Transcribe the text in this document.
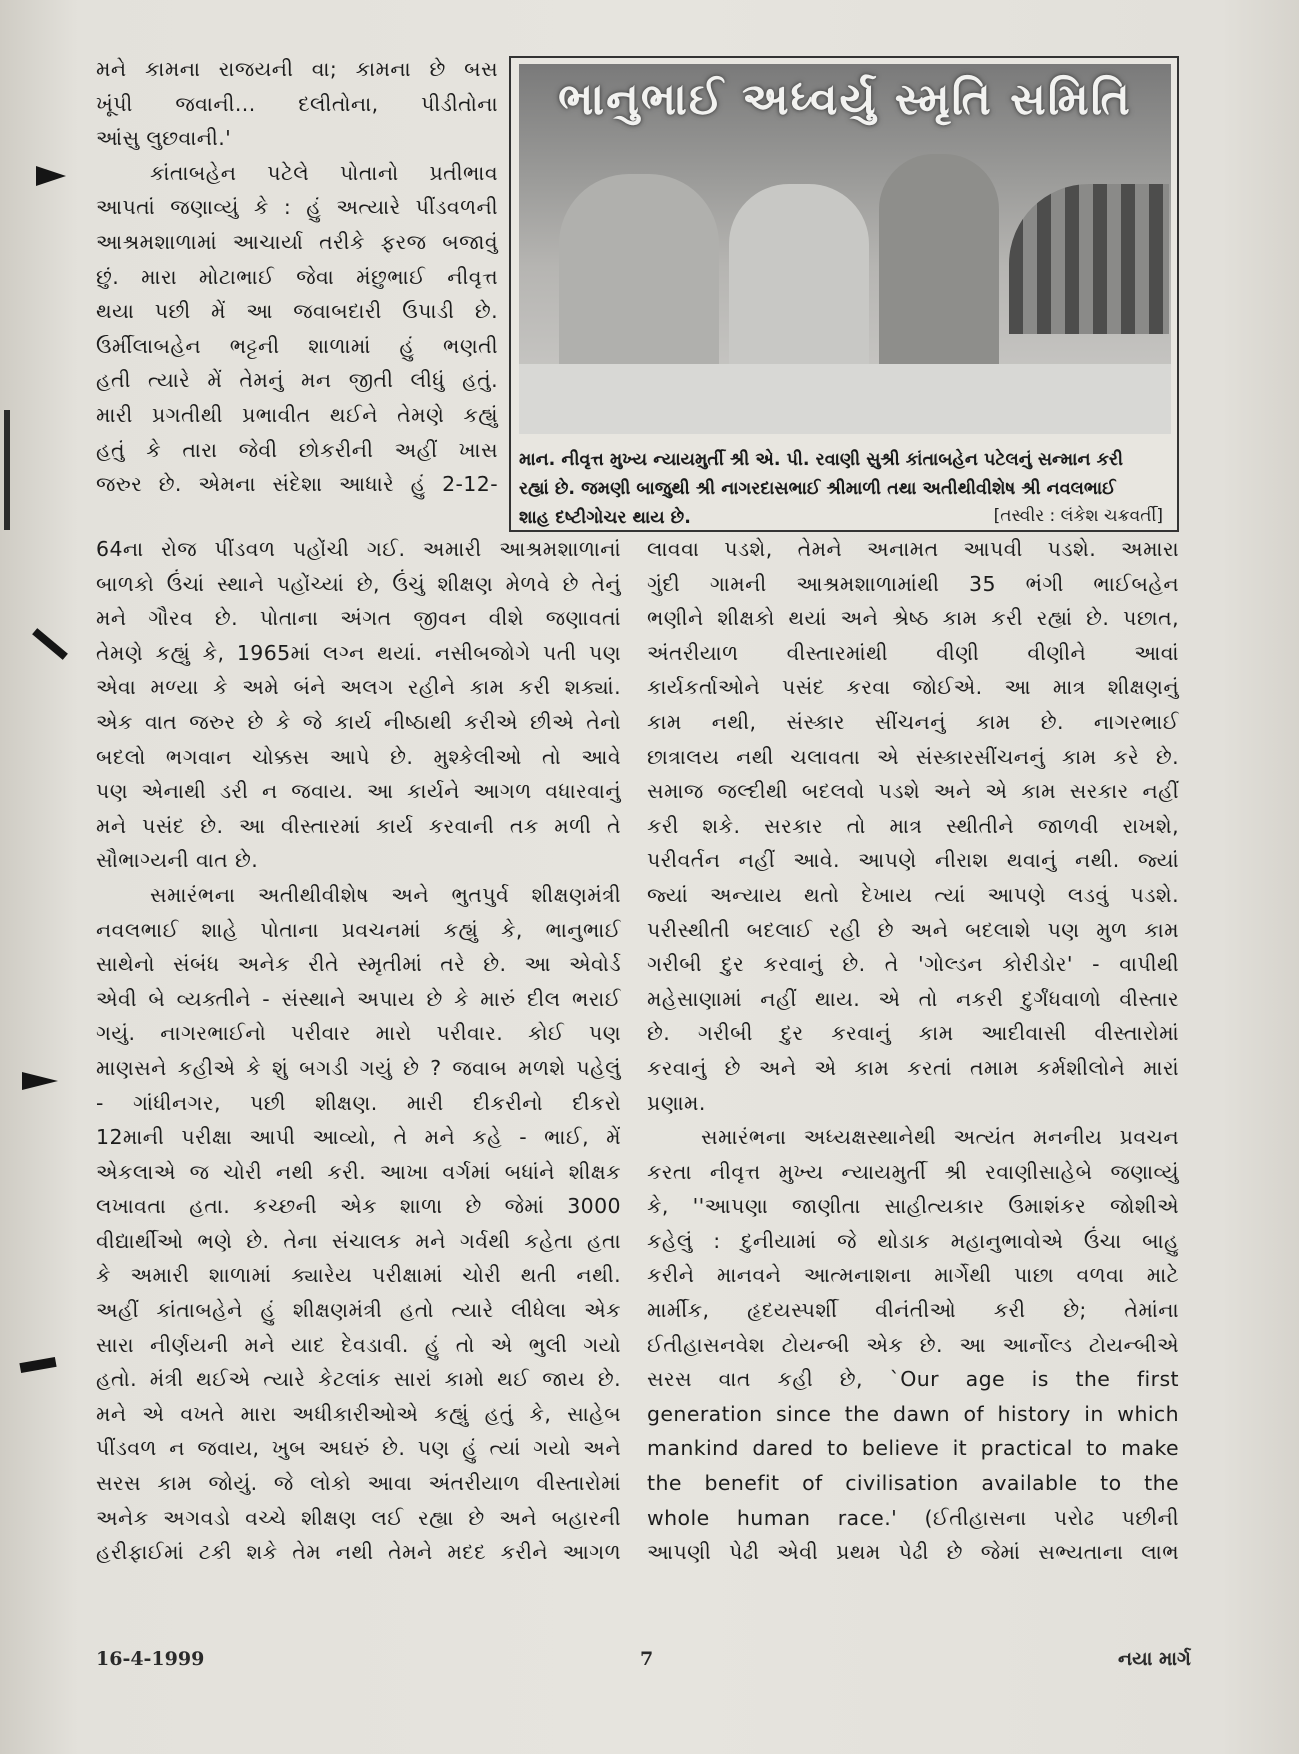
મને કામના રાજયની વા; કામના છે બસ

ખૂંપી જવાની... દલીતોના, પીડીતોના

આંસુ લુછવાની.'

કાંતાબહેન પટેલે પોતાનો પ્રતીભાવ

આપતાં જણાવ્યું કે : હું અત્યારે પીંડવળની

આશ્રમશાળામાં આચાર્યા તરીકે ફરજ બજાવું

છું. મારા મોટાભાઈ જેવા મંછુભાઈ નીવૃત્ત

થયા પછી મેં આ જવાબદારી ઉપાડી છે.

ઉર્મીલાબહેન ભટ્ટની શાળામાં હું ભણતી

હતી ત્યારે મેં તેમનું મન જીતી લીધું હતું.

મારી પ્રગતીથી પ્રભાવીત થઈને તેમણે કહ્યું

હતું કે તારા જેવી છોકરીની અહીં ખાસ

જરુર છે. એમના સંદેશા આધારે હું 2-12-

ભાનુભાઈ અધ્વર્યુ સ્મૃતિ સમિતિ

માન. નીવૃત્ત મુખ્ય ન્યાયમુર્તી શ્રી એ. પી. રવાણી સુશ્રી કાંતાબહેન પટેલનું સન્માન કરી

રહ્યાં છે. જમણી બાજુથી શ્રી નાગરદાસભાઈ શ્રીમાળી તથા અતીથીવીશેષ શ્રી નવલભાઈ

શાહ દષ્ટીગોચર થાય છે.	[તસ્વીર : લંકેશ ચક્રવર્તી]

64ના રોજ પીંડવળ પહોંચી ગઈ. અમારી આશ્રમશાળાનાં

બાળકો ઉંચાં સ્થાને પહોંચ્યાં છે, ઉંચું શીક્ષણ મેળવે છે તેનું

મને ગૌરવ છે. પોતાના અંગત જીવન વીશે જણાવતાં

તેમણે કહ્યું કે, 1965માં લગ્ન થયાં. નસીબજોગે પતી પણ

એવા મળ્યા કે અમે બંને અલગ રહીને કામ કરી શક્યાં.

એક વાત જરુર છે કે જે કાર્ય નીષ્ઠાથી કરીએ છીએ તેનો

બદલો ભગવાન ચોક્કસ આપે છે. મુશ્કેલીઓ તો આવે

પણ એનાથી ડરી ન જવાય. આ કાર્યને આગળ વધારવાનું

મને પસંદ છે. આ વીસ્તારમાં કાર્ય કરવાની તક મળી તે

સૌભાગ્યની વાત છે.

સમારંભના અતીથીવીશેષ અને ભુતપુર્વ શીક્ષણમંત્રી

નવલભાઈ શાહે પોતાના પ્રવચનમાં કહ્યું કે, ભાનુભાઈ

સાથેનો સંબંધ અનેક રીતે સ્મૃતીમાં તરે છે. આ એવોર્ડ

એવી બે વ્યક્તીને - સંસ્થાને અપાય છે કે મારું દીલ ભરાઈ

ગયું. નાગરભાઈનો પરીવાર મારો પરીવાર. કોઈ પણ

માણસને કહીએ કે શું બગડી ગયું છે ? જવાબ મળશે પહેલું

- ગાંધીનગર, પછી શીક્ષણ. મારી દીકરીનો દીકરો

12માની પરીક્ષા આપી આવ્યો, તે મને કહે - ભાઈ, મેં

એકલાએ જ ચોરી નથી કરી. આખા વર્ગમાં બધાંને શીક્ષક

લખાવતા હતા. કચ્છની એક શાળા છે જેમાં 3000

વીદ્યાર્થીઓ ભણે છે. તેના સંચાલક મને ગર્વથી કહેતા હતા

કે અમારી શાળામાં ક્યારેય પરીક્ષામાં ચોરી થતી નથી.

અહીં કાંતાબહેને હું શીક્ષણમંત્રી હતો ત્યારે લીધેલા એક

સારા નીર્ણયની મને યાદ દેવડાવી. હું તો એ ભુલી ગયો

હતો. મંત્રી થઈએ ત્યારે કેટલાંક સારાં કામો થઈ જાય છે.

મને એ વખતે મારા અધીકારીઓએ કહ્યું હતું કે, સાહેબ

પીંડવળ ન જવાય, ખુબ અઘરું છે. પણ હું ત્યાં ગયો અને

સરસ કામ જોયું. જે લોકો આવા અંતરીયાળ વીસ્તારોમાં

અનેક અગવડો વચ્ચે શીક્ષણ લઈ રહ્યા છે અને બહારની

હરીફાઈમાં ટકી શકે તેમ નથી તેમને મદદ કરીને આગળ

લાવવા પડશે, તેમને અનામત આપવી પડશે. અમારા

ગુંદી ગામની આશ્રમશાળામાંથી 35 ભંગી ભાઈબહેન

ભણીને શીક્ષકો થયાં અને શ્રેષ્ઠ કામ કરી રહ્યાં છે. પછાત,

અંતરીયાળ વીસ્તારમાંથી વીણી વીણીને આવાં

કાર્યકર્તાઓને પસંદ કરવા જોઈએ. આ માત્ર શીક્ષણનું

કામ નથી, સંસ્કાર સીંચનનું કામ છે. નાગરભાઈ

છાત્રાલય નથી ચલાવતા એ સંસ્કારસીંચનનું કામ કરે છે.

સમાજ જલ્દીથી બદલવો પડશે અને એ કામ સરકાર નહીં

કરી શકે. સરકાર તો માત્ર સ્થીતીને જાળવી રાખશે,

પરીવર્તન નહીં આવે. આપણે નીરાશ થવાનું નથી. જ્યાં

જ્યાં અન્યાય થતો દેખાય ત્યાં આપણે લડવું પડશે.

પરીસ્થીતી બદલાઈ રહી છે અને બદલાશે પણ મુળ કામ

ગરીબી દુર કરવાનું છે. તે 'ગોલ્ડન કોરીડોર' - વાપીથી

મહેસાણામાં નહીં થાય. એ તો નકરી દુર્ગંધવાળો વીસ્તાર

છે. ગરીબી દુર કરવાનું કામ આદીવાસી વીસ્તારોમાં

કરવાનું છે અને એ કામ કરતાં તમામ કર્મશીલોને મારાં

પ્રણામ.

સમારંભના અધ્યક્ષસ્થાનેથી અત્યંત મનનીય પ્રવચન

કરતા નીવૃત્ત મુખ્ય ન્યાયમુર્તી શ્રી રવાણીસાહેબે જણાવ્યું

કે, ''આપણા જાણીતા સાહીત્યકાર ઉમાશંકર જોશીએ

કહેલું : દુનીયામાં જે થોડાક મહાનુભાવોએ ઉંચા બાહુ

કરીને માનવને આત્મનાશના માર્ગેથી પાછા વળવા માટે

માર્મીક, હૃદયસ્પર્શી વીનંતીઓ કરી છે; તેમાંના

ઈતીહાસનવેશ ટોયન્બી એક છે. આ આર્નોલ્ડ ટોયન્બીએ

સરસ વાત કહી છે, `Our age is the first

generation since the dawn of history in which

mankind dared to believe it practical to make

the benefit of civilisation available to the

whole human race.' (ઈતીહાસના પરોઢ પછીની

આપણી પેઢી એવી પ્રથમ પેઢી છે જેમાં સભ્યતાના લાભ

16-4-1999	7	નયા માર્ગ
